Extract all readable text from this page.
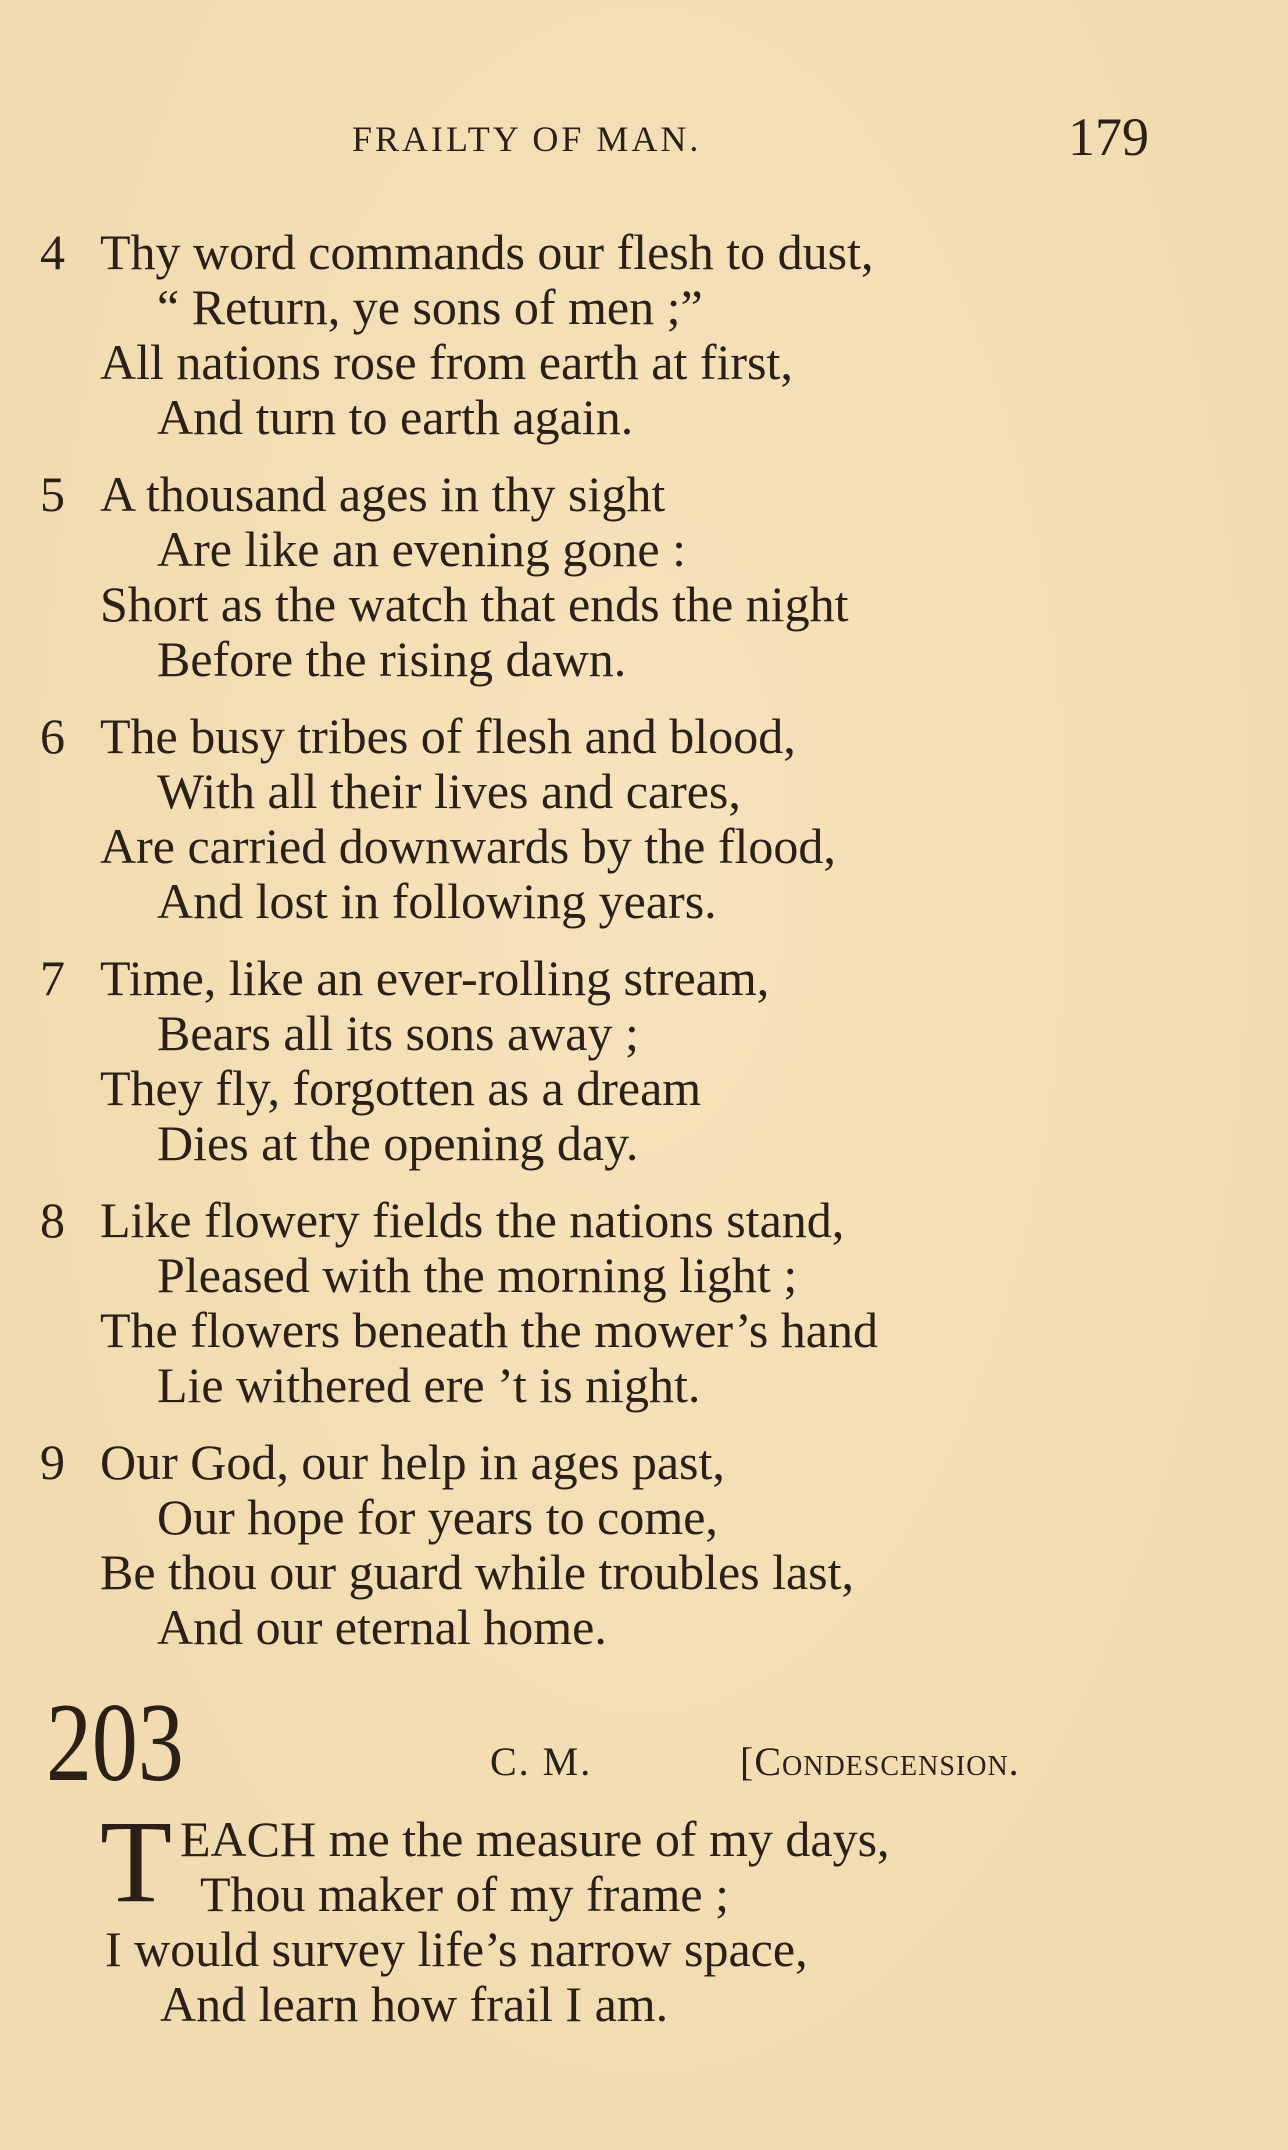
FRAILTY OF MAN.	179
4 Thy word commands our flesh to dust,
“ Return, ye sons of men ;”
All nations rose from earth at first,
And turn to earth again.
5 A thousand ages in thy sight
Are like an evening gone :
Short as the watch that ends the night
Before the rising dawn.
6 The busy tribes of flesh and blood,
With all their lives and cares,
Are carried downwards by the flood,
And lost in following years.
7 Time, like an ever-rolling stream,
Bears all its sons away ;
They fly, forgotten as a dream
Dies at the opening day.
8 Like flowery fields the nations stand,
Pleased with the morning light ;
The flowers beneath the mower’s hand
Lie withered ere ’t is night.
9 Our God, our help in ages past,
Our hope for years to come,
Be thou our guard while troubles last,
And our eternal home.
203	C. M.	[Condescension.
T EACH me the measure of my days,
Thou maker of my frame ;
I would survey life’s narrow space,
And learn how frail I am.
